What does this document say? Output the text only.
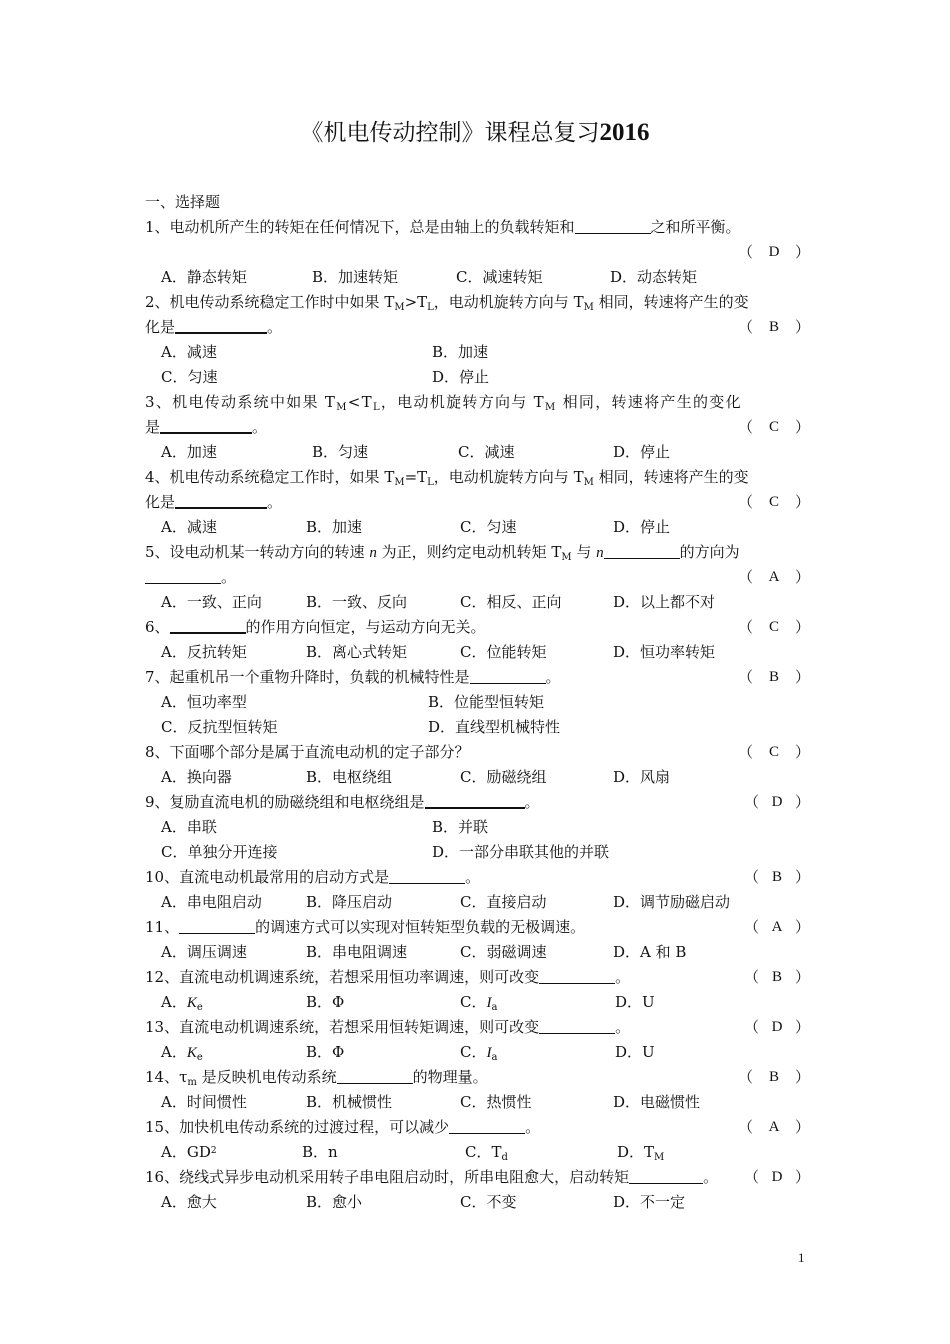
《机电传动控制》课程总复习2016
一、选择题
1、电动机所产生的转矩在任何情况下，总是由轴上的负载转矩和	之和所平衡。
（ D ）
A．静态转矩	B．加速转矩	C．减速转矩	D．动态转矩
2、机电传动系统稳定工作时中如果 $T_M>T_L$，电动机旋转方向与 $T_M$ 相同，转速将产生的变
化是	。	（ B ）
A．减速	B．加速
C．匀速	D．停止
3、机电传动系统中如果 $T_M<T_L$，电动机旋转方向与 $T_M$ 相同，转速将产生的变化
是	。	（ C ）
A．加速	B．匀速	C．减速	D．停止
4、机电传动系统稳定工作时，如果 $T_M=T_L$，电动机旋转方向与 $T_M$ 相同，转速将产生的变
化是	。	（ C ）
A．减速	B．加速	C．匀速	D．停止
5、设电动机某一转动方向的转速 n 为正，则约定电动机转矩 $T_M$ 与 n	的方向为
。	（ A ）
A．一致、正向	B．一致、反向	C．相反、正向	D．以上都不对
6、	的作用方向恒定，与运动方向无关。	（ C ）
A．反抗转矩	B．离心式转矩	C．位能转矩	D．恒功率转矩
7、起重机吊一个重物升降时，负载的机械特性是	。	（ B ）
A．恒功率型	B．位能型恒转矩
C．反抗型恒转矩	D．直线型机械特性
8、下面哪个部分是属于直流电动机的定子部分？	（ C ）
A．换向器	B．电枢绕组	C．励磁绕组	D．风扇
9、复励直流电机的励磁绕组和电枢绕组是	。	（ D ）
A．串联	B．并联
C．单独分开连接	D．一部分串联其他的并联
10、直流电动机最常用的启动方式是	。	（ B ）
A．串电阻启动	B．降压启动	C．直接启动	D．调节励磁启动
11、	的调速方式可以实现对恒转矩型负载的无极调速。	（ A ）
A．调压调速	B．串电阻调速	C．弱磁调速	D．A 和 B
12、直流电动机调速系统，若想采用恒功率调速，则可改变	。	（ B ）
A．$K_e$	B．Φ	C．$I_a$	D．U
13、直流电动机调速系统，若想采用恒转矩调速，则可改变	。	（ D ）
A．$K_e$	B．Φ	C．$I_a$	D．U
14、$\tau_m$ 是反映机电传动系统	的物理量。	（ B ）
A．时间惯性	B．机械惯性	C．热惯性	D．电磁惯性
15、加快机电传动系统的过渡过程，可以减少	。	（ A ）
A．$GD^2$	B．n	C．$T_d$	D．$T_M$
16、绕线式异步电动机采用转子串电阻启动时，所串电阻愈大，启动转矩	。 （ D ）
A．愈大	B．愈小	C．不变	D．不一定
1
